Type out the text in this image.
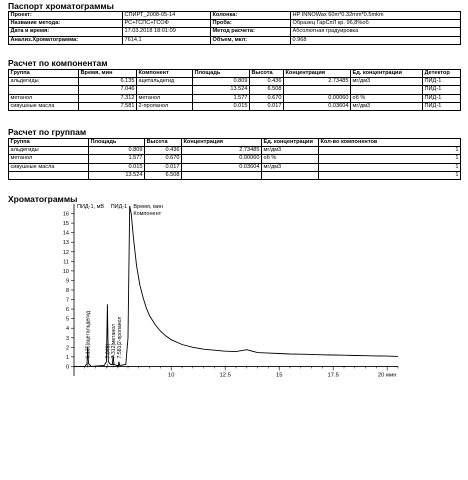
Паспорт хроматограммы
Проект:	СПИРТ_2008-05-14	Колонка:	HP INNOWax 60m*0.32mm*0.5mkm
Название метода:	РС+ГСПС+ГСОФ	Проба:	Образец ГарСпЛ кр. 96,8%об
Дата и время:	17.03.2018 18:01:09	Метод расчета:	Абсолютная градуировка
Анализ.Хроматограмма:	7614.1	Объем, мкл:	0.968
Расчет по компонентам
Группа	Время, мин	Компонент	Площадь	Высота	Концентрация	Ед. концентрации	Детектор
альдегиды	6.135	ацетальдегид	0.809	0.436	2.73485	мг/дм3	ПИД-1
	7.046		13.524	6.508			ПИД-1
метанол	7.312	метанол	1.577	0.670	0.00060	об %	ПИД-1
сивушные масла	7.581	2-пропанол	0.015	0.017	0.03604	мг/дм3	ПИД-1
Расчет по группам
Группа	Площадь	Высота	Концентрация	Ед. концентрации	Кол-во компонентов
альдегиды	0.809	0.436	2.73485	мг/дм3	1
метанол	1.577	0.670	0.00060	об %	1
сивушные масла	0.015	0.017	0.03604	мг/дм3	1
	13.524	6.508			1
Хроматограммы
0
1
2
3
4
5
6
7
8
9
10
11
12
13
14
15
16
10	12.5	15	17.5	20 мин
ПИД-1, мВ ПИД-1 Время, мин
Компонент
6.135|ацетальдегид	7.046| 7.312|метанол 7.581|2-пропанол
